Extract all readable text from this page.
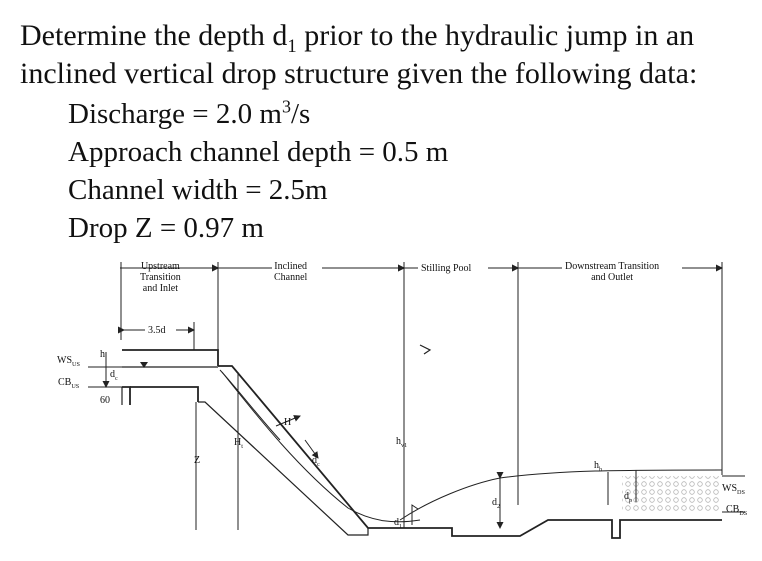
Determine the depth $d_1$ prior to the hydraulic jump in an
inclined vertical drop structure given the following data:
Discharge = 2.0 $m^3/s$
Approach channel depth = 0.5 m
Channel width = 2.5m
Drop Z = 0.97 m
Upstream
Transition
and Inlet
Inclined
Channel
Stilling Pool	Downstream Transition
and Outlet
3.5d
$WS_{US}$
$CB_{US}$
h
$d_c$
60
Z
$H_t$
H
$d_c$
$h_{v1}$
$d_1$
$d_2$
$h_b$
$d_p$
$WS_{DS}$
$CB_{DS}$
